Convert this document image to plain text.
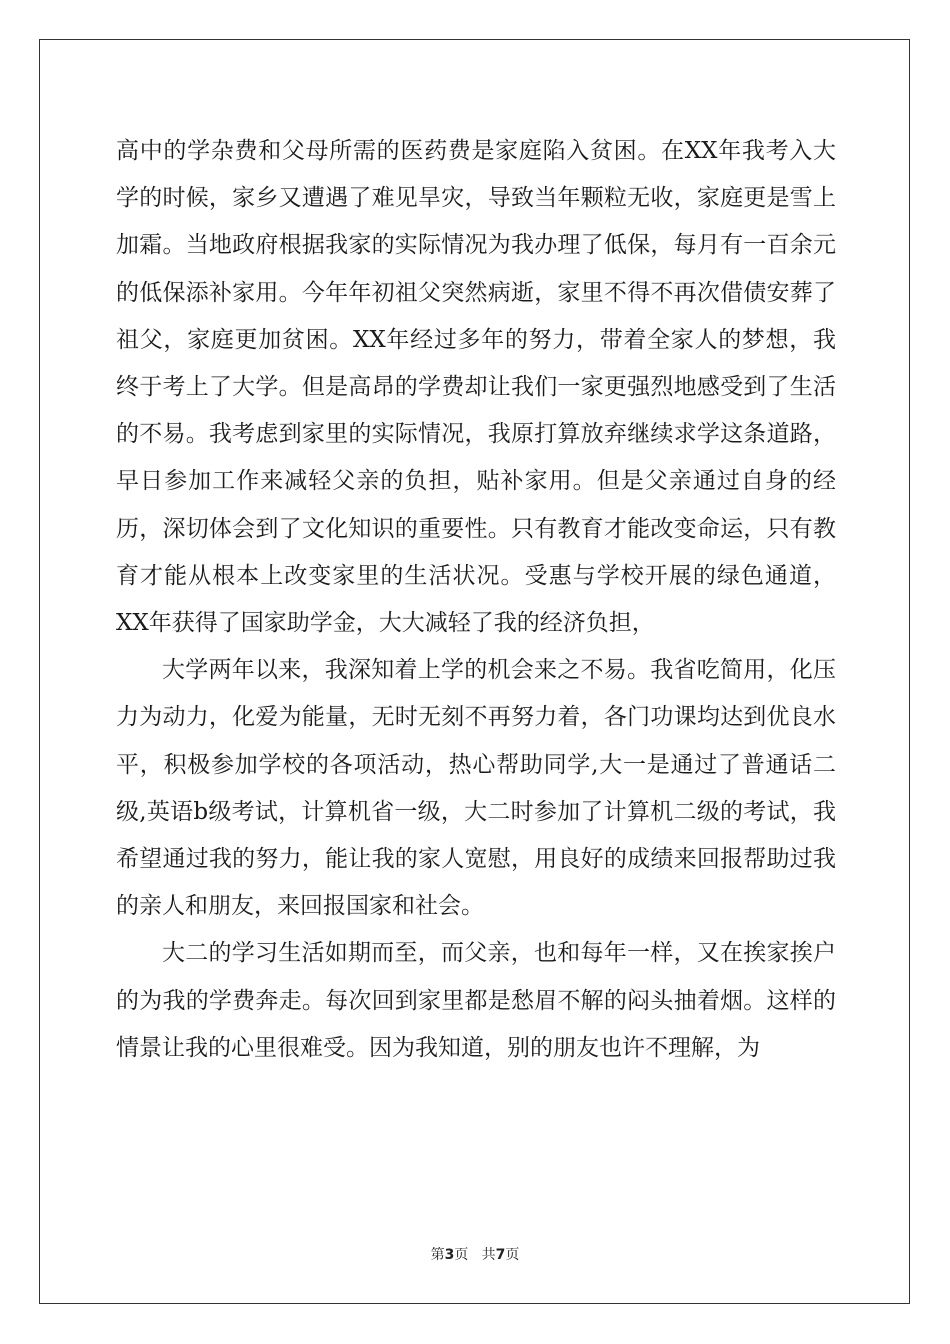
高中的学杂费和父母所需的医药费是家庭陷入贫困。在XX年我考入大学的时候，家乡又遭遇了难见旱灾，导致当年颗粒无收，家庭更是雪上加霜。当地政府根据我家的实际情况为我办理了低保，每月有一百余元的低保添补家用。今年年初祖父突然病逝，家里不得不再次借债安葬了祖父，家庭更加贫困。XX年经过多年的努力，带着全家人的梦想，我终于考上了大学。但是高昂的学费却让我们一家更强烈地感受到了生活的不易。我考虑到家里的实际情况，我原打算放弃继续求学这条道路，早日参加工作来减轻父亲的负担，贴补家用。但是父亲通过自身的经历，深切体会到了文化知识的重要性。只有教育才能改变命运，只有教育才能从根本上改变家里的生活状况。受惠与学校开展的绿色通道，XX年获得了国家助学金，大大减轻了我的经济负担，

大学两年以来，我深知着上学的机会来之不易。我省吃简用，化压力为动力，化爱为能量，无时无刻不再努力着，各门功课均达到优良水平，积极参加学校的各项活动，热心帮助同学,大一是通过了普通话二级,英语b级考试，计算机省一级，大二时参加了计算机二级的考试，我希望通过我的努力，能让我的家人宽慰，用良好的成绩来回报帮助过我的亲人和朋友，来回报国家和社会。

大二的学习生活如期而至，而父亲，也和每年一样，又在挨家挨户的为我的学费奔走。每次回到家里都是愁眉不解的闷头抽着烟。这样的情景让我的心里很难受。因为我知道，别的朋友也许不理解，为

第3页 共7页
